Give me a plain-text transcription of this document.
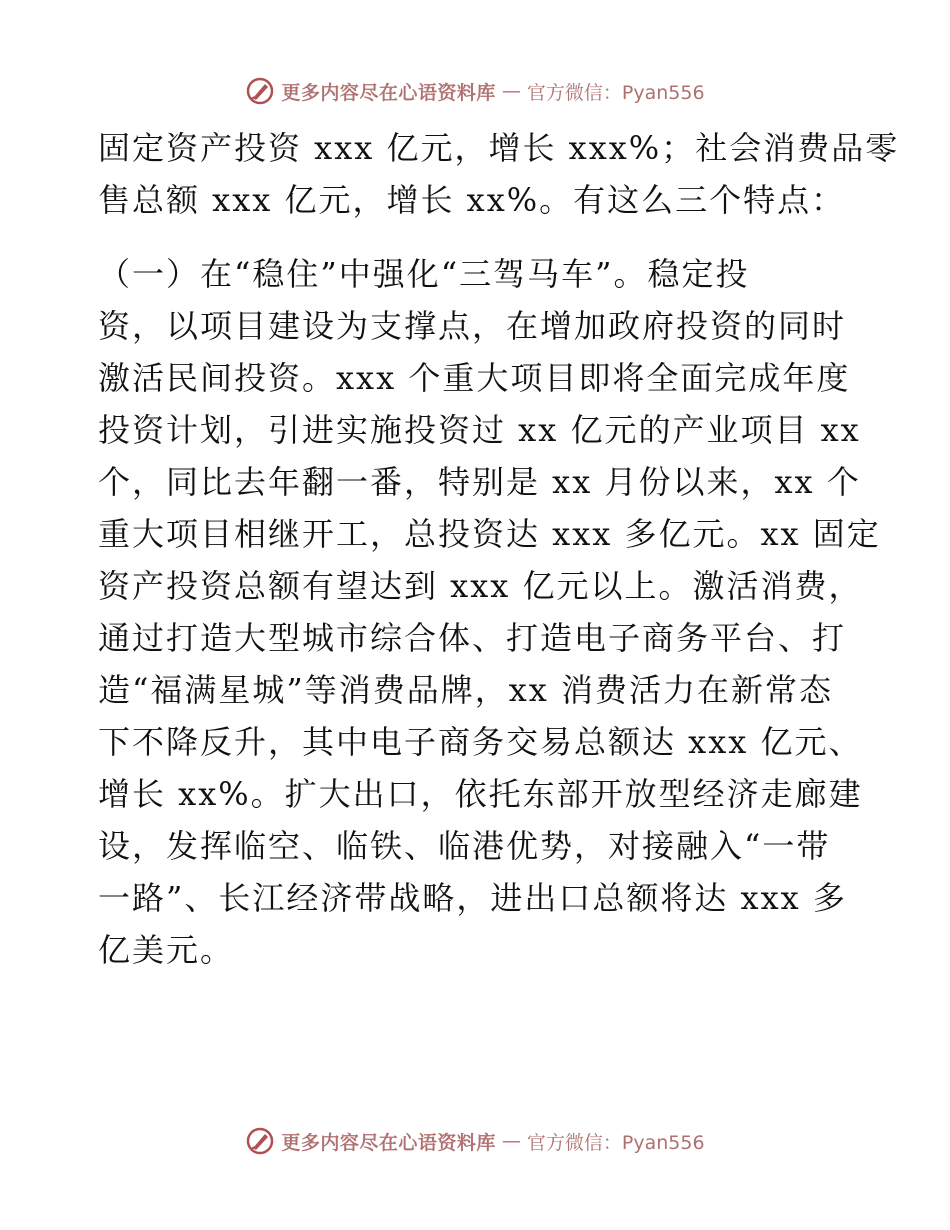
更多内容尽在心语资料库 — 官方微信：Pyan556
固定资产投资 xxx 亿元，增长 xxx%；社会消费品零
售总额 xxx 亿元，增长 xx%。有这么三个特点：
（一）在“稳住”中强化“三驾马车”。稳定投
资，以项目建设为支撑点，在增加政府投资的同时
激活民间投资。xxx 个重大项目即将全面完成年度
投资计划，引进实施投资过 xx 亿元的产业项目 xx
个，同比去年翻一番，特别是 xx 月份以来，xx 个
重大项目相继开工，总投资达 xxx 多亿元。xx 固定
资产投资总额有望达到 xxx 亿元以上。激活消费，
通过打造大型城市综合体、打造电子商务平台、打
造“福满星城”等消费品牌，xx 消费活力在新常态
下不降反升，其中电子商务交易总额达 xxx 亿元、
增长 xx%。扩大出口，依托东部开放型经济走廊建
设，发挥临空、临铁、临港优势，对接融入“一带
一路”、长江经济带战略，进出口总额将达 xxx 多
亿美元。
更多内容尽在心语资料库 — 官方微信：Pyan556
